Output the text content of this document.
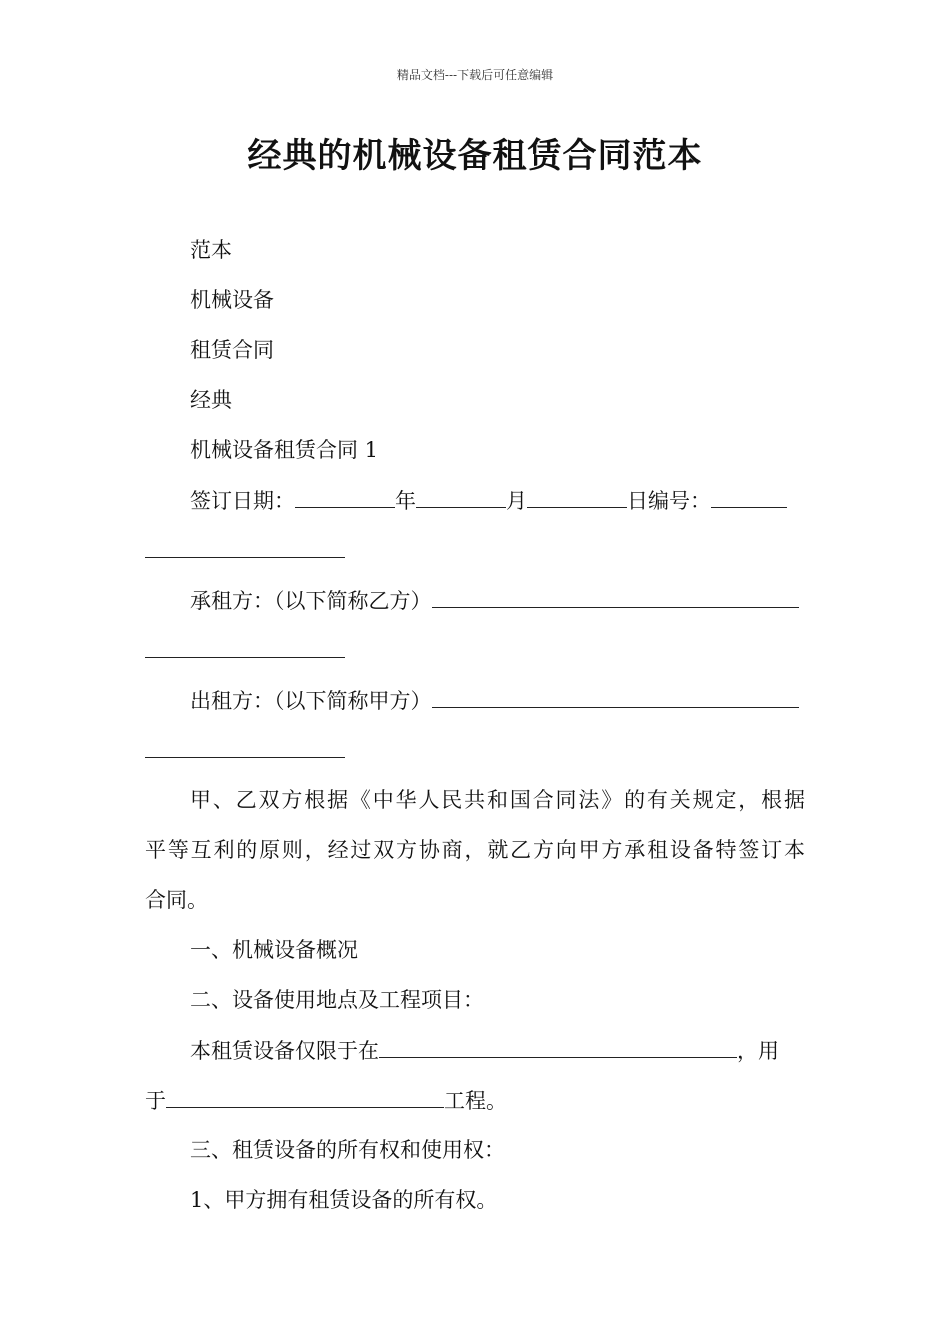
精品文档---下载后可任意编辑
经典的机械设备租赁合同范本
范本
机械设备
租赁合同
经典
机械设备租赁合同 1
签订日期：	年	月	日编号：
承租方：（以下简称乙方）
出租方：（以下简称甲方）
甲、乙双方根据《中华人民共和国合同法》的有关规定，根据
平等互利的原则，经过双方协商，就乙方向甲方承租设备特签订本
合同。
一、机械设备概况
二、设备使用地点及工程项目：
本租赁设备仅限于在	，用
于	工程。
三、租赁设备的所有权和使用权：
1、甲方拥有租赁设备的所有权。
